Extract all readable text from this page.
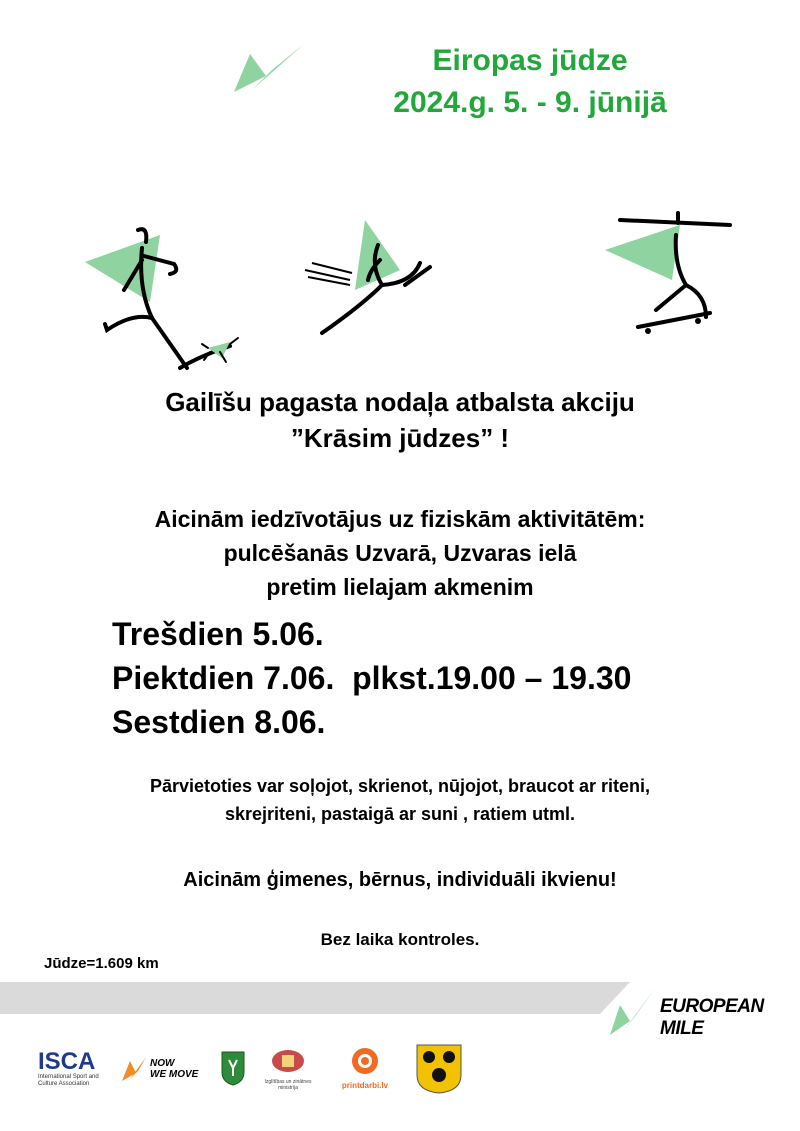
Eiropas jūdze
2024.g. 5. - 9. jūnijā
Gailīšu pagasta nodaļa atbalsta akciju
”Krāsim jūdzes” !
Aicinām iedzīvotājus uz fiziskām aktivitātēm:
pulcēšanās Uzvarā, Uzvaras ielā
pretim lielajam akmenim
Trešdien 5.06.
Piektdien 7.06.  plkst.19.00 – 19.30
Sestdien 8.06.
Pārvietoties var soļojot, skrienot, nūjojot, braucot ar riteni,
skrejriteni, pastaigā ar suni , ratiem utml.
Aicinām ģimenes, bērnus, individuāli ikvienu!
Bez laika kontroles.
Jūdze=1.609 km
EUROPEAN MILE
ISCA
International Sport and Culture Association
NOW
WE MOVE
Izglītības un zinātnes ministrija	printdarbi.lv
